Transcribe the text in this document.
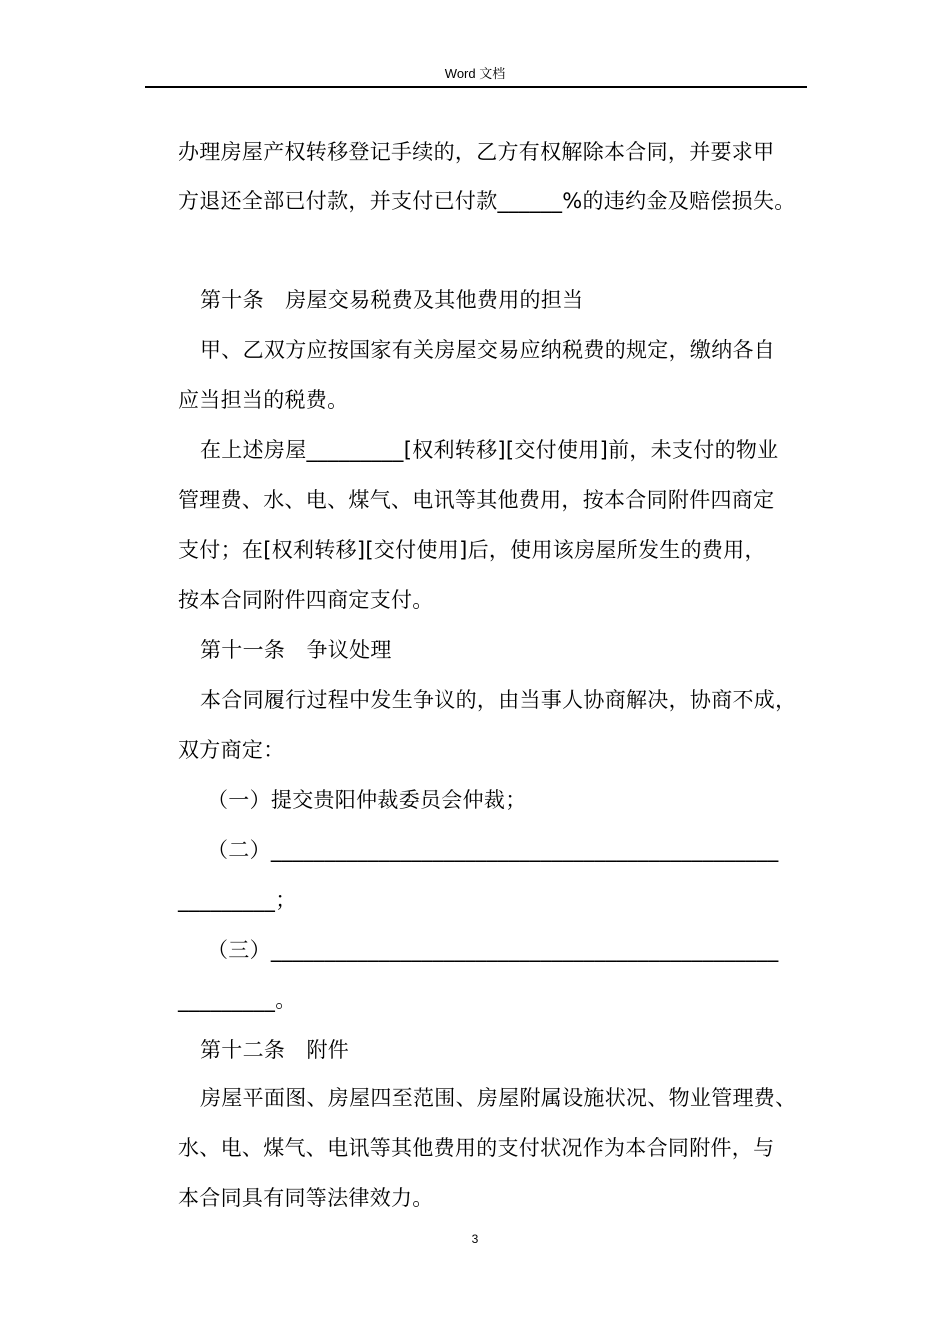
Word 文档
办理房屋产权转移登记手续的，乙方有权解除本合同，并要求甲
方退还全部已付款，并支付已付款______%的违约金及赔偿损失。
第十条　房屋交易税费及其他费用的担当
甲、乙双方应按国家有关房屋交易应纳税费的规定，缴纳各自
应当担当的税费。
在上述房屋_________[权利转移][交付使用]前，未支付的物业
管理费、水、电、煤气、电讯等其他费用，按本合同附件四商定
支付；在[权利转移][交付使用]后，使用该房屋所发生的费用，
按本合同附件四商定支付。
第十一条　争议处理
本合同履行过程中发生争议的，由当事人协商解决，协商不成，
双方商定：
（一）提交贵阳仲裁委员会仲裁；
（二）_______________________________________________
_________；
（三）_______________________________________________
_________。
第十二条　附件
房屋平面图、房屋四至范围、房屋附属设施状况、物业管理费、
水、电、煤气、电讯等其他费用的支付状况作为本合同附件，与
本合同具有同等法律效力。
3
